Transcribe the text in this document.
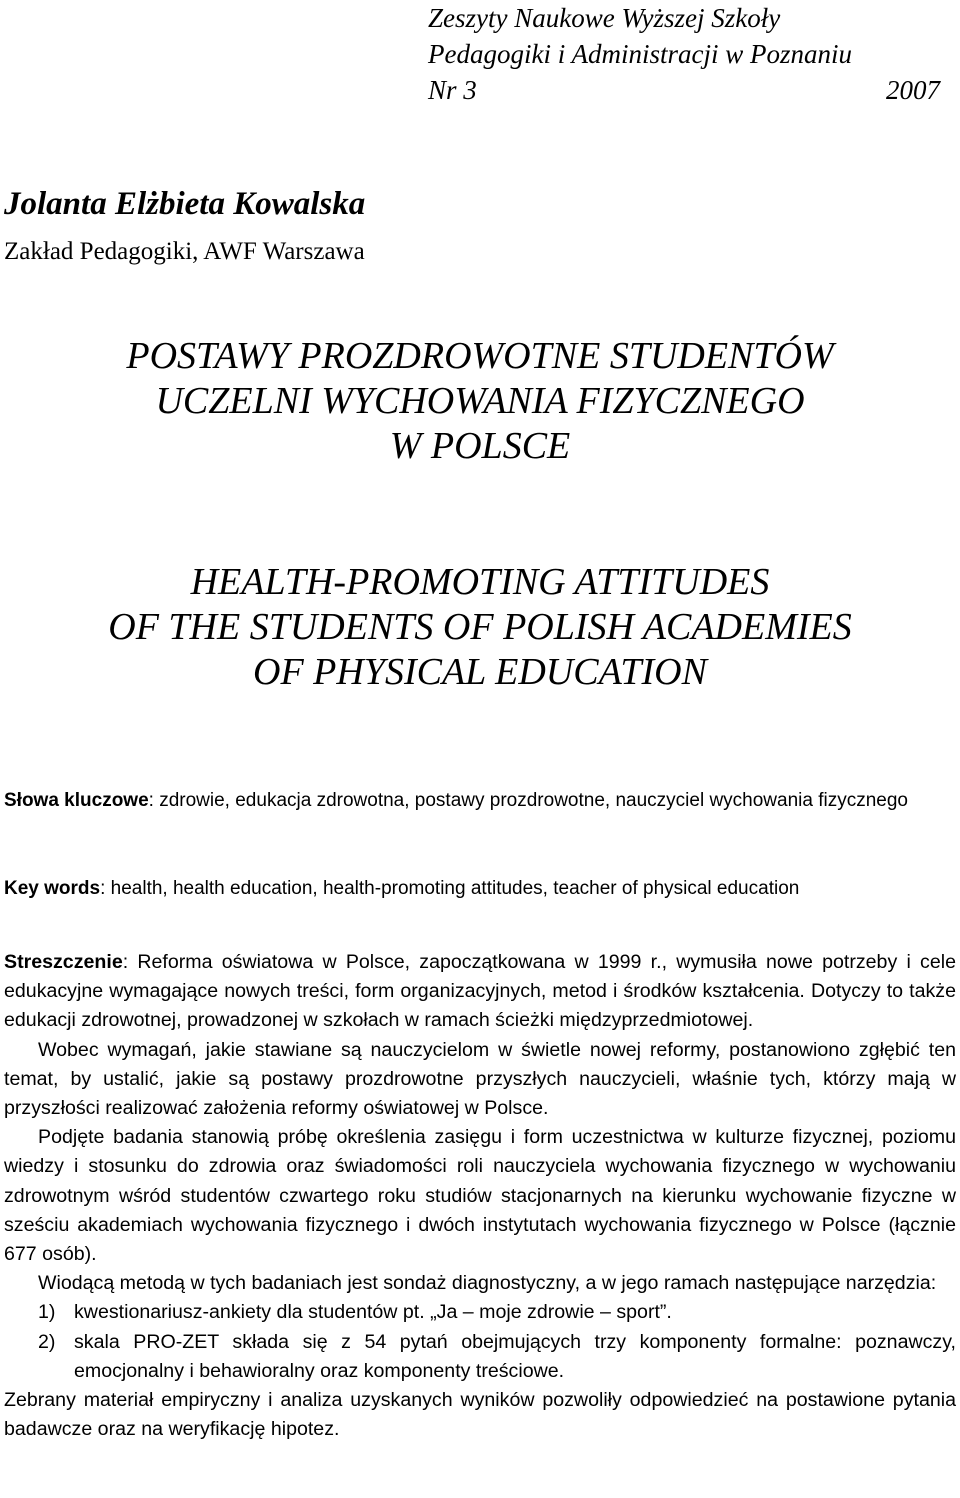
Zeszyty Naukowe Wyższej Szkoły
Pedagogiki i Administracji w Poznaniu
Nr 3	2007
Jolanta Elżbieta Kowalska
Zakład Pedagogiki, AWF Warszawa
POSTAWY PROZDROWOTNE STUDENTÓW
UCZELNI WYCHOWANIA FIZYCZNEGO
W POLSCE
HEALTH-PROMOTING ATTITUDES
OF THE STUDENTS OF POLISH ACADEMIES
OF PHYSICAL EDUCATION
Słowa kluczowe: zdrowie, edukacja zdrowotna, postawy prozdrowotne, nauczyciel wychowania fizycznego
Key words: health, health education, health-promoting attitudes, teacher of physical education

Streszczenie: Reforma oświatowa w Polsce, zapoczątkowana w 1999 r., wymusiła nowe potrzeby i cele edukacyjne wymagające nowych treści, form organizacyjnych, metod i środków kształcenia. Dotyczy to także edukacji zdrowotnej, prowadzonej w szkołach w ramach ścieżki międzyprzedmiotowej.

Wobec wymagań, jakie stawiane są nauczycielom w świetle nowej reformy, postanowiono zgłębić ten temat, by ustalić, jakie są postawy prozdrowotne przyszłych nauczycieli, właśnie tych, którzy mają w przyszłości realizować założenia reformy oświatowej w Polsce.

Podjęte badania stanowią próbę określenia zasięgu i form uczestnictwa w kulturze fizycznej, poziomu wiedzy i stosunku do zdrowia oraz świadomości roli nauczyciela wychowania fizycznego w wychowaniu zdrowotnym wśród studentów czwartego roku studiów stacjonarnych na kierunku wychowanie fizyczne w sześciu akademiach wychowania fizycznego i dwóch instytutach wychowania fizycznego w Polsce (łącznie 677 osób).

Wiodącą metodą w tych badaniach jest sondaż diagnostyczny, a w jego ramach następujące narzędzia:

1) kwestionariusz-ankiety dla studentów pt. „Ja – moje zdrowie – sport”.
2) skala PRO-ZET składa się z 54 pytań obejmujących trzy komponenty formalne: poznawczy, emocjonalny i behawioralny oraz komponenty treściowe.

Zebrany materiał empiryczny i analiza uzyskanych wyników pozwoliły odpowiedzieć na postawione pytania badawcze oraz na weryfikację hipotez.
